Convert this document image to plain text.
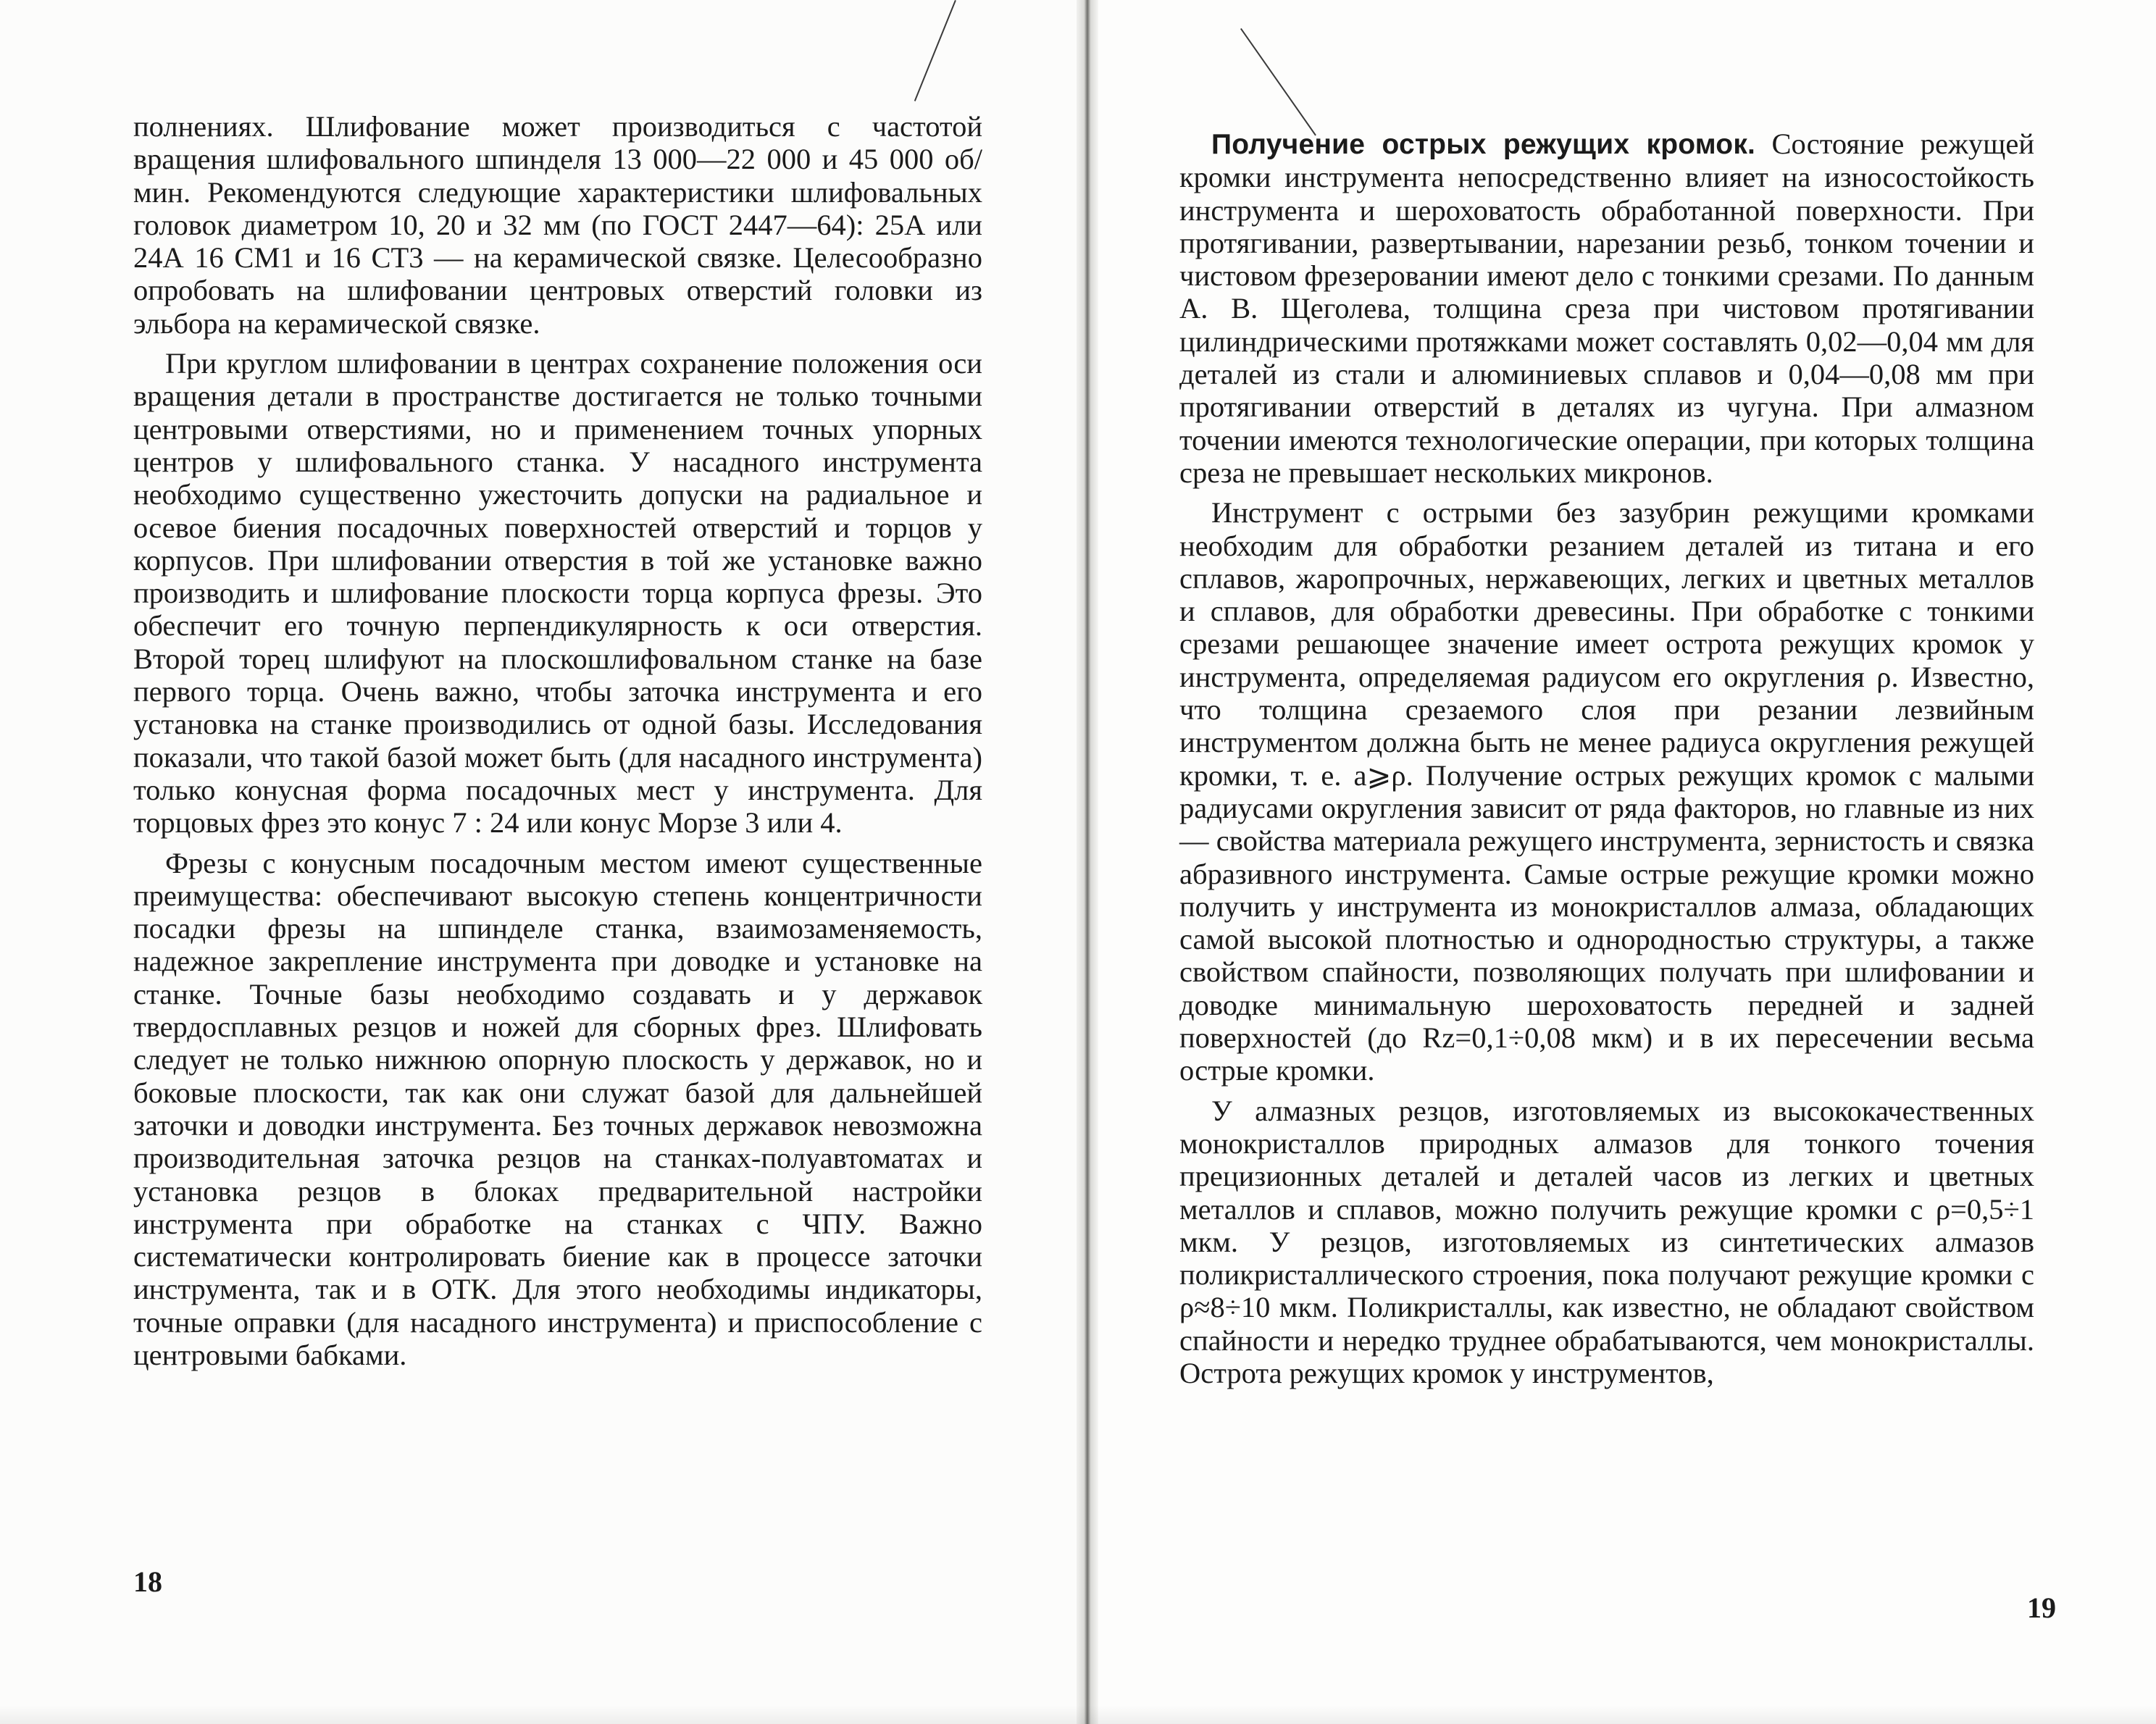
полнениях. Шлифование может производиться с частотой вращения шлифовального шпинделя 13 000—22 000 и 45 000 об/мин. Рекомендуются следующие характеристики шлифовальных головок диаметром 10, 20 и 32 мм (по ГОСТ 2447—64): 25А или 24А 16 СМ1 и 16 СТ3 — на керамической связке. Целесообразно опробовать на шлифовании центровых отверстий головки из эльбора на керамической связке.

При круглом шлифовании в центрах сохранение положения оси вращения детали в пространстве достигается не только точными центровыми отверстиями, но и применением точных упорных центров у шлифовального станка. У насадного инструмента необходимо существенно ужесточить допуски на радиальное и осевое биения посадочных поверхностей отверстий и торцов у корпусов. При шлифовании отверстия в той же установке важно производить и шлифование плоскости торца корпуса фрезы. Это обеспечит его точную перпендикулярность к оси отверстия. Второй торец шлифуют на плоскошлифовальном станке на базе первого торца. Очень важно, чтобы заточка инструмента и его установка на станке производились от одной базы. Исследования показали, что такой базой может быть (для насадного инструмента) только конусная форма посадочных мест у инструмента. Для торцовых фрез это конус 7 : 24 или конус Морзе 3 или 4.

Фрезы с конусным посадочным местом имеют существенные преимущества: обеспечивают высокую степень концентричности посадки фрезы на шпинделе станка, взаимозаменяемость, надежное закрепление инструмента при доводке и установке на станке. Точные базы необходимо создавать и у державок твердосплавных резцов и ножей для сборных фрез. Шлифовать следует не только нижнюю опорную плоскость у державок, но и боковые плоскости, так как они служат базой для дальнейшей заточки и доводки инструмента. Без точных державок невозможна производительная заточка резцов на станках-полуавтоматах и установка резцов в блоках предварительной настройки инструмента при обработке на станках с ЧПУ. Важно систематически контролировать биение как в процессе заточки инструмента, так и в ОТК. Для этого необходимы индикаторы, точные оправки (для насадного инструмента) и приспособление с центровыми бабками.

18

Получение острых режущих кромок. Состояние режущей кромки инструмента непосредственно влияет на износостойкость инструмента и шероховатость обработанной поверхности. При протягивании, развертывании, нарезании резьб, тонком точении и чистовом фрезеровании имеют дело с тонкими срезами. По данным А. В. Щеголева, толщина среза при чистовом протягивании цилиндрическими протяжками может составлять 0,02—0,04 мм для деталей из стали и алюминиевых сплавов и 0,04—0,08 мм при протягивании отверстий в деталях из чугуна. При алмазном точении имеются технологические операции, при которых толщина среза не превышает нескольких микронов.

Инструмент с острыми без зазубрин режущими кромками необходим для обработки резанием деталей из титана и его сплавов, жаропрочных, нержавеющих, легких и цветных металлов и сплавов, для обработки древесины. При обработке с тонкими срезами решающее значение имеет острота режущих кромок у инструмента, определяемая радиусом его округления ρ. Известно, что толщина срезаемого слоя при резании лезвийным инструментом должна быть не менее радиуса округления режущей кромки, т. е. a⩾ρ. Получение острых режущих кромок с малыми радиусами округления зависит от ряда факторов, но главные из них — свойства материала режущего инструмента, зернистость и связка абразивного инструмента. Самые острые режущие кромки можно получить у инструмента из монокристаллов алмаза, обладающих самой высокой плотностью и однородностью структуры, а также свойством спайности, позволяющих получать при шлифовании и доводке минимальную шероховатость передней и задней поверхностей (до Rz=0,1÷0,08 мкм) и в их пересечении весьма острые кромки.

У алмазных резцов, изготовляемых из высококачественных монокристаллов природных алмазов для тонкого точения прецизионных деталей и деталей часов из легких и цветных металлов и сплавов, можно получить режущие кромки с ρ=0,5÷1 мкм. У резцов, изготовляемых из синтетических алмазов поликристаллического строения, пока получают режущие кромки с ρ≈8÷10 мкм. Поликристаллы, как известно, не обладают свойством спайности и нередко труднее обрабатываются, чем монокристаллы. Острота режущих кромок у инструментов,

19
